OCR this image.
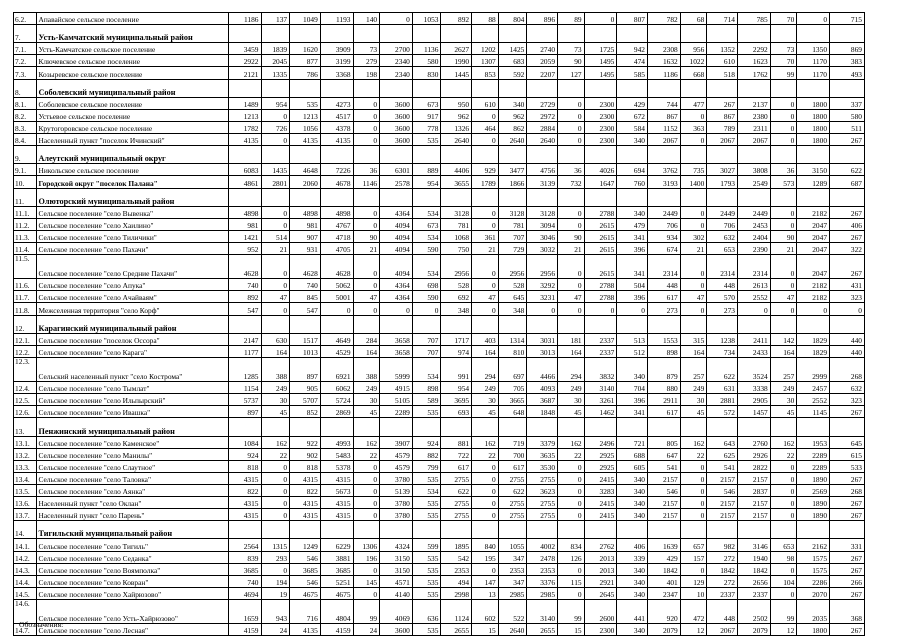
6.2.	Апавайское сельское поселение	1186	137	1049	1193	140	0	1053	892	88	804	896	89	0	807	782	68	714	785	70	0	715
7.	Усть-Камчатский муниципальный район																					
7.1.	Усть-Камчатское сельское поселение	3459	1839	1620	3909	73	2700	1136	2627	1202	1425	2740	73	1725	942	2308	956	1352	2292	73	1350	869
7.2.	Ключевское сельское поселение	2922	2045	877	3199	279	2340	580	1990	1307	683	2059	90	1495	474	1632	1022	610	1623	70	1170	383
7.3.	Козыревское сельское поселение	2121	1335	786	3368	198	2340	830	1445	853	592	2207	127	1495	585	1186	668	518	1762	99	1170	493
8.	Соболевский муниципальный район																					
8.1.	Соболевское сельское поселение	1489	954	535	4273	0	3600	673	950	610	340	2729	0	2300	429	744	477	267	2137	0	1800	337
8.2.	Устьевое сельское поселение	1213	0	1213	4517	0	3600	917	962	0	962	2972	0	2300	672	867	0	867	2380	0	1800	580
8.3.	Крутогоровское сельское поселение	1782	726	1056	4378	0	3600	778	1326	464	862	2884	0	2300	584	1152	363	789	2311	0	1800	511
8.4.	Населенный пункт "поселок Ичинский"	4135	0	4135	4135	0	3600	535	2640	0	2640	2640	0	2300	340	2067	0	2067	2067	0	1800	267
9.	Алеутский муниципальный округ																					
9.1.	Никольское сельское поселение	6083	1435	4648	7226	36	6301	889	4406	929	3477	4756	36	4026	694	3762	735	3027	3808	36	3150	622
10.	Городской округ "поселок Палана"	4861	2801	2060	4678	1146	2578	954	3655	1789	1866	3139	732	1647	760	3193	1400	1793	2549	573	1289	687
11.	Олюторский муниципальный район																					
11.1.	Сельское поселение "село Вывенка"	4898	0	4898	4898	0	4364	534	3128	0	3128	3128	0	2788	340	2449	0	2449	2449	0	2182	267
11.2.	Сельское поселение "село Хаилино"	981	0	981	4767	0	4094	673	781	0	781	3094	0	2615	479	706	0	706	2453	0	2047	406
11.3.	Сельское поселение "село Тиличики"	1421	514	907	4718	90	4094	534	1068	361	707	3046	90	2615	341	934	302	632	2404	90	2047	267
11.4.	Сельское поселение "село Пахачи"	952	21	931	4705	21	4094	590	750	21	729	3032	21	2615	396	674	21	653	2390	21	2047	322
11.5.	Сельское поселение "село Средние Пахачи"	4628	0	4628	4628	0	4094	534	2956	0	2956	2956	0	2615	341	2314	0	2314	2314	0	2047	267
11.6.	Сельское поселение "село Апука"	740	0	740	5062	0	4364	698	528	0	528	3292	0	2788	504	448	0	448	2613	0	2182	431
11.7.	Сельское поселение "село Ачайваям"	892	47	845	5001	47	4364	590	692	47	645	3231	47	2788	396	617	47	570	2552	47	2182	323
11.8.	Межселенная территория "село Корф"	547	0	547	0	0	0	0	348	0	348	0	0	0	0	273	0	273	0	0	0	0
12.	Карагинский муниципальный район																					
12.1.	Сельское поселение "поселок Оссора"	2147	630	1517	4649	284	3658	707	1717	403	1314	3031	181	2337	513	1553	315	1238	2411	142	1829	440
12.2.	Сельское поселение "село Карага"	1177	164	1013	4529	164	3658	707	974	164	810	3013	164	2337	512	898	164	734	2433	164	1829	440
12.3.	Сельский населенный пункт "село Кострома"	1285	388	897	6921	388	5999	534	991	294	697	4466	294	3832	340	879	257	622	3524	257	2999	268
12.4.	Сельское поселение "село Тымлат"	1154	249	905	6062	249	4915	898	954	249	705	4093	249	3140	704	880	249	631	3338	249	2457	632
12.5.	Сельское поселение "село Ильпырский"	5737	30	5707	5724	30	5105	589	3695	30	3665	3687	30	3261	396	2911	30	2881	2905	30	2552	323
12.6.	Сельское поселение "село Ивашка"	897	45	852	2869	45	2289	535	693	45	648	1848	45	1462	341	617	45	572	1457	45	1145	267
13.	Пенжинский муниципальный район																					
13.1.	Сельское поселение "село Каменское"	1084	162	922	4993	162	3907	924	881	162	719	3379	162	2496	721	805	162	643	2760	162	1953	645
13.2.	Сельское поселение "село Манилы"	924	22	902	5483	22	4579	882	722	22	700	3635	22	2925	688	647	22	625	2926	22	2289	615
13.3.	Сельское поселение "село Слаутное"	818	0	818	5378	0	4579	799	617	0	617	3530	0	2925	605	541	0	541	2822	0	2289	533
13.4.	Сельское поселение "село Таловка"	4315	0	4315	4315	0	3780	535	2755	0	2755	2755	0	2415	340	2157	0	2157	2157	0	1890	267
13.5.	Сельское поселение "село Аянка"	822	0	822	5673	0	5139	534	622	0	622	3623	0	3283	340	546	0	546	2837	0	2569	268
13.6.	Населенный пункт "село Оклан"	4315	0	4315	4315	0	3780	535	2755	0	2755	2755	0	2415	340	2157	0	2157	2157	0	1890	267
13.7.	Населенный пункт "село Парень"	4315	0	4315	4315	0	3780	535	2755	0	2755	2755	0	2415	340	2157	0	2157	2157	0	1890	267
14.	Тигильский муниципальный район																					
14.1.	Сельское поселение "село Тигиль"	2564	1315	1249	6229	1306	4324	599	1895	840	1055	4002	834	2762	406	1639	657	982	3146	653	2162	331
14.2.	Сельское поселение "село Седанка"	839	293	546	3881	196	3150	535	542	195	347	2478	126	2013	339	429	157	272	1940	98	1575	267
14.3.	Сельское поселение "село Воямполка"	3685	0	3685	3685	0	3150	535	2353	0	2353	2353	0	2013	340	1842	0	1842	1842	0	1575	267
14.4.	Сельское поселение "село Ковран"	740	194	546	5251	145	4571	535	494	147	347	3376	115	2921	340	401	129	272	2656	104	2286	266
14.5.	Сельское поселение "село Хайрюзово"	4694	19	4675	4675	0	4140	535	2998	13	2985	2985	0	2645	340	2347	10	2337	2337	0	2070	267
14.6.	Сельское поселение "село Усть-Хайрюзово"	1659	943	716	4804	99	4069	636	1124	602	522	3140	99	2600	441	920	472	448	2502	99	2035	368
14.7.	Сельское поселение "село Лесная"	4159	24	4135	4159	24	3600	535	2655	15	2640	2655	15	2300	340	2079	12	2067	2079	12	1800	267
Обозначения:
